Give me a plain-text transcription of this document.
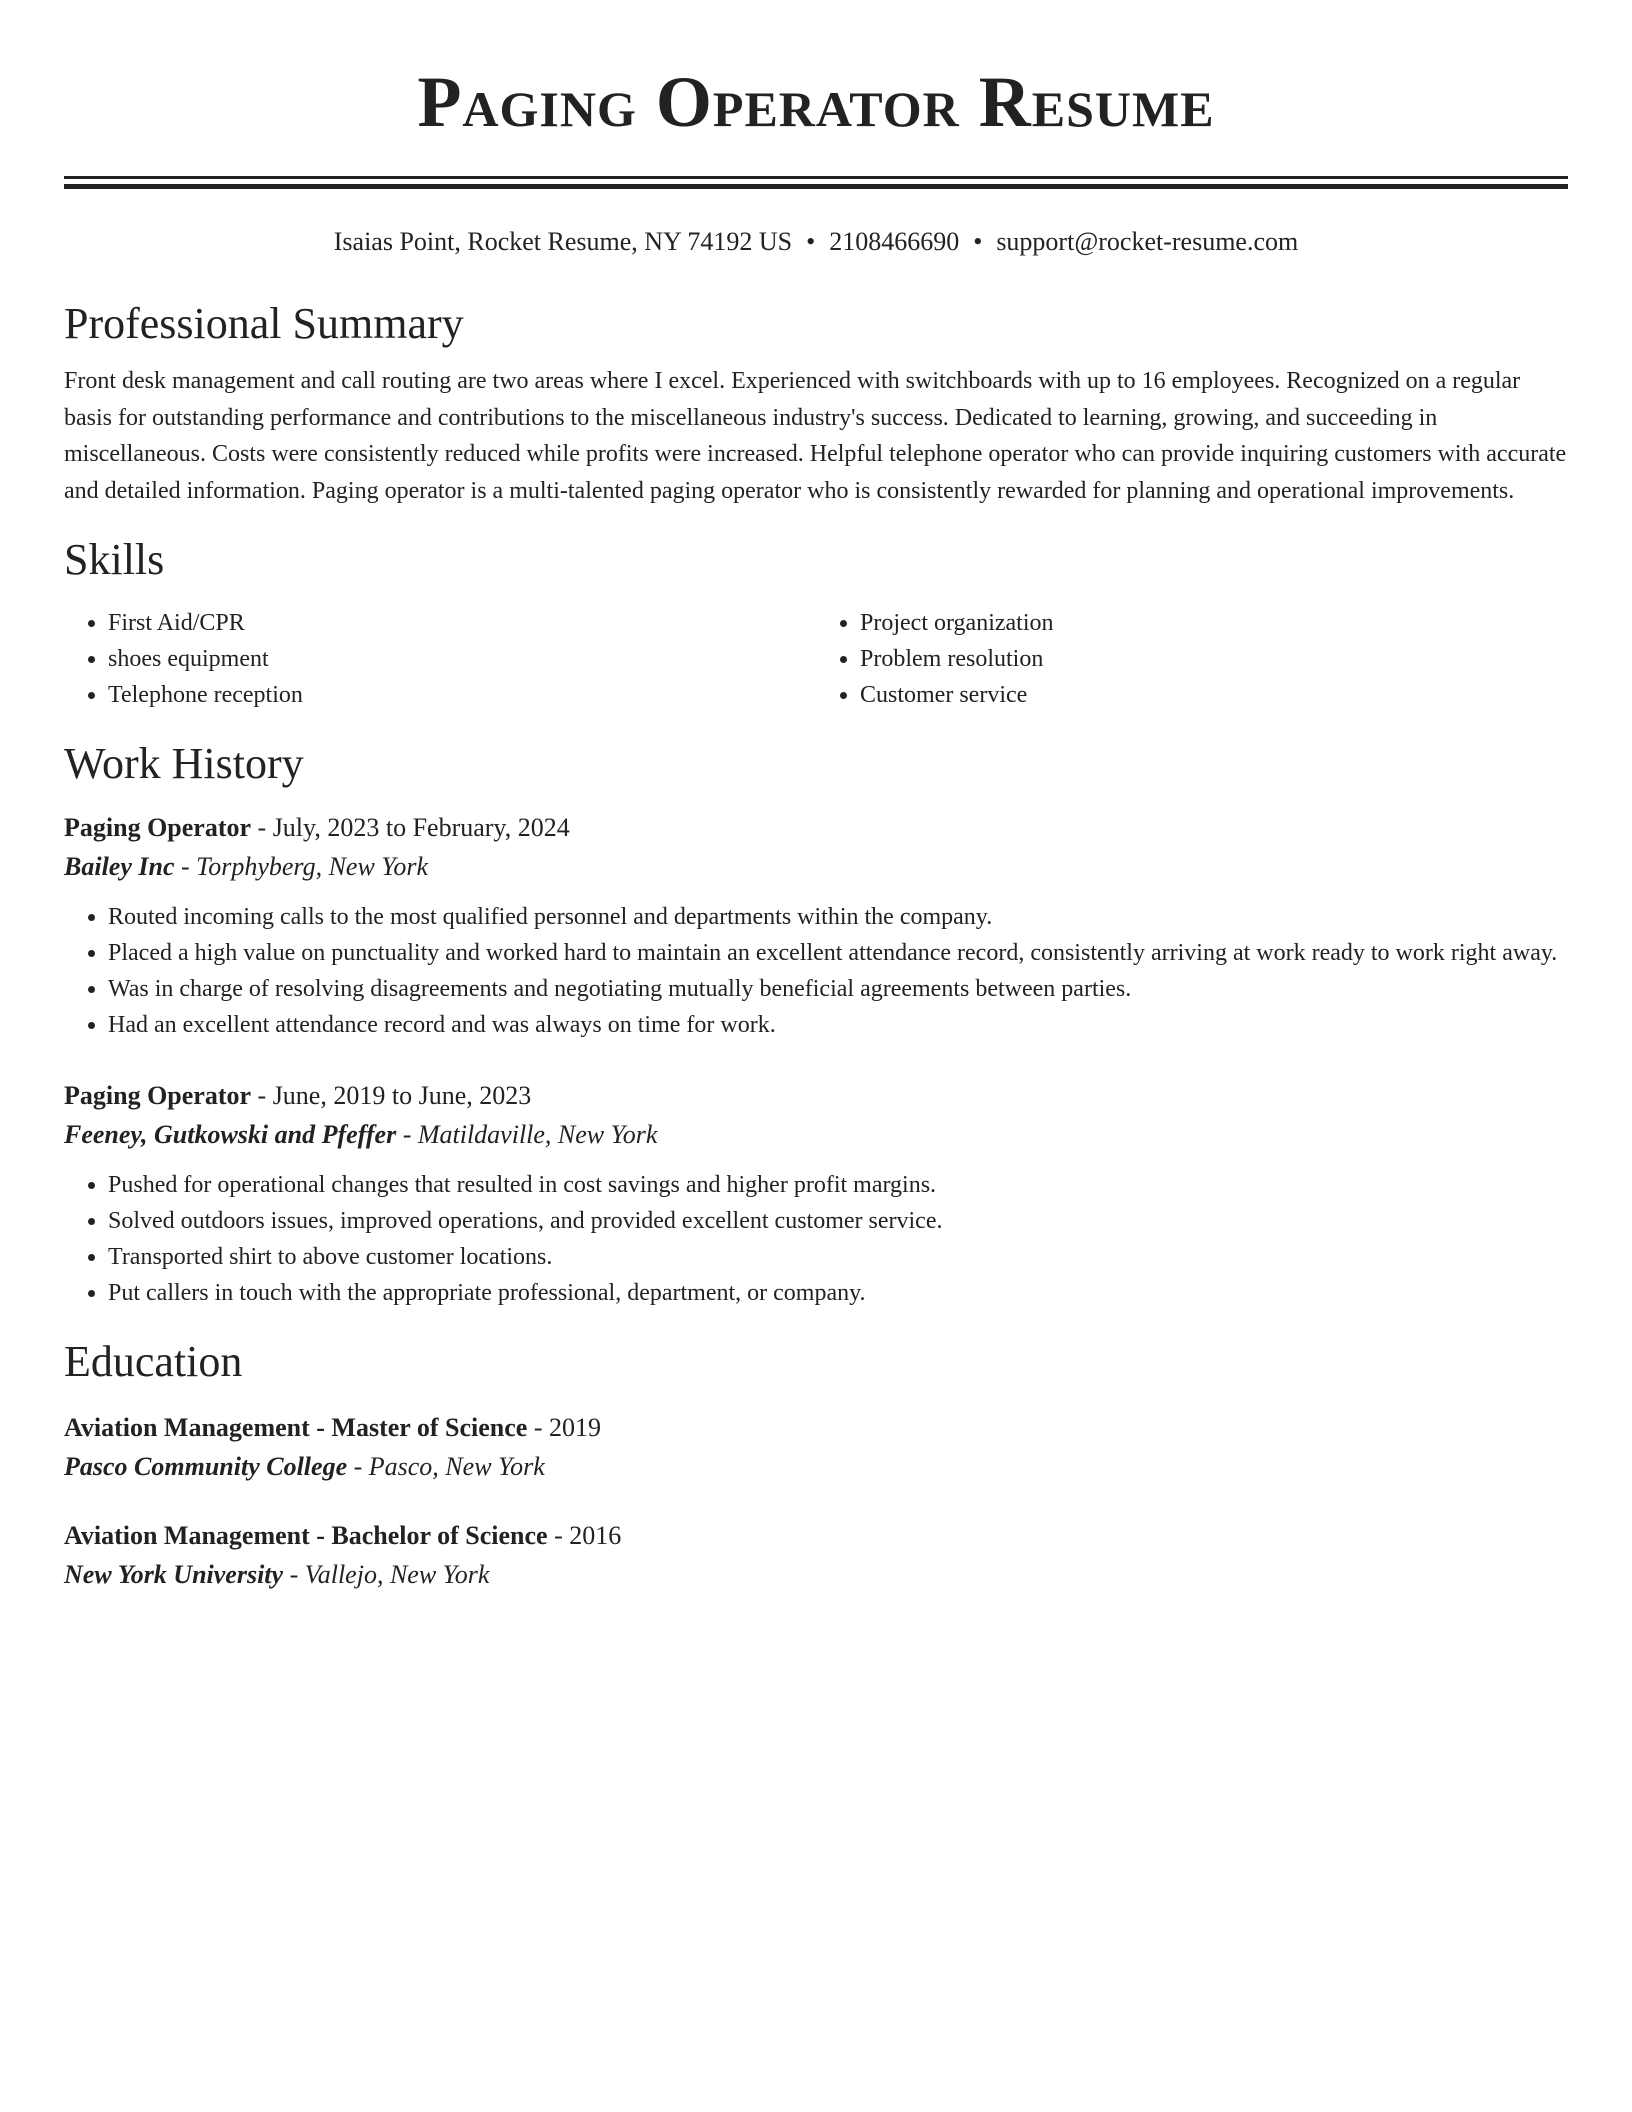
Paging Operator Resume
Isaias Point, Rocket Resume, NY 74192 US • 2108466690 • support@rocket-resume.com
Professional Summary

Front desk management and call routing are two areas where I excel. Experienced with switchboards with up to 16 employees. Recognized on a regular basis for outstanding performance and contributions to the miscellaneous industry's success. Dedicated to learning, growing, and succeeding in miscellaneous. Costs were consistently reduced while profits were increased. Helpful telephone operator who can provide inquiring customers with accurate and detailed information. Paging operator is a multi-talented paging operator who is consistently rewarded for planning and operational improvements.

Skills
• First Aid/CPR
• shoes equipment
• Telephone reception
• Project organization
• Problem resolution
• Customer service
Work History
Paging Operator - July, 2023 to February, 2024
Bailey Inc - Torphyberg, New York
• Routed incoming calls to the most qualified personnel and departments within the company.
• Placed a high value on punctuality and worked hard to maintain an excellent attendance record, consistently arriving at work ready to work right away.
• Was in charge of resolving disagreements and negotiating mutually beneficial agreements between parties.
• Had an excellent attendance record and was always on time for work.
Paging Operator - June, 2019 to June, 2023
Feeney, Gutkowski and Pfeffer - Matildaville, New York
• Pushed for operational changes that resulted in cost savings and higher profit margins.
• Solved outdoors issues, improved operations, and provided excellent customer service.
• Transported shirt to above customer locations.
• Put callers in touch with the appropriate professional, department, or company.
Education
Aviation Management - Master of Science - 2019
Pasco Community College - Pasco, New York
Aviation Management - Bachelor of Science - 2016
New York University - Vallejo, New York
